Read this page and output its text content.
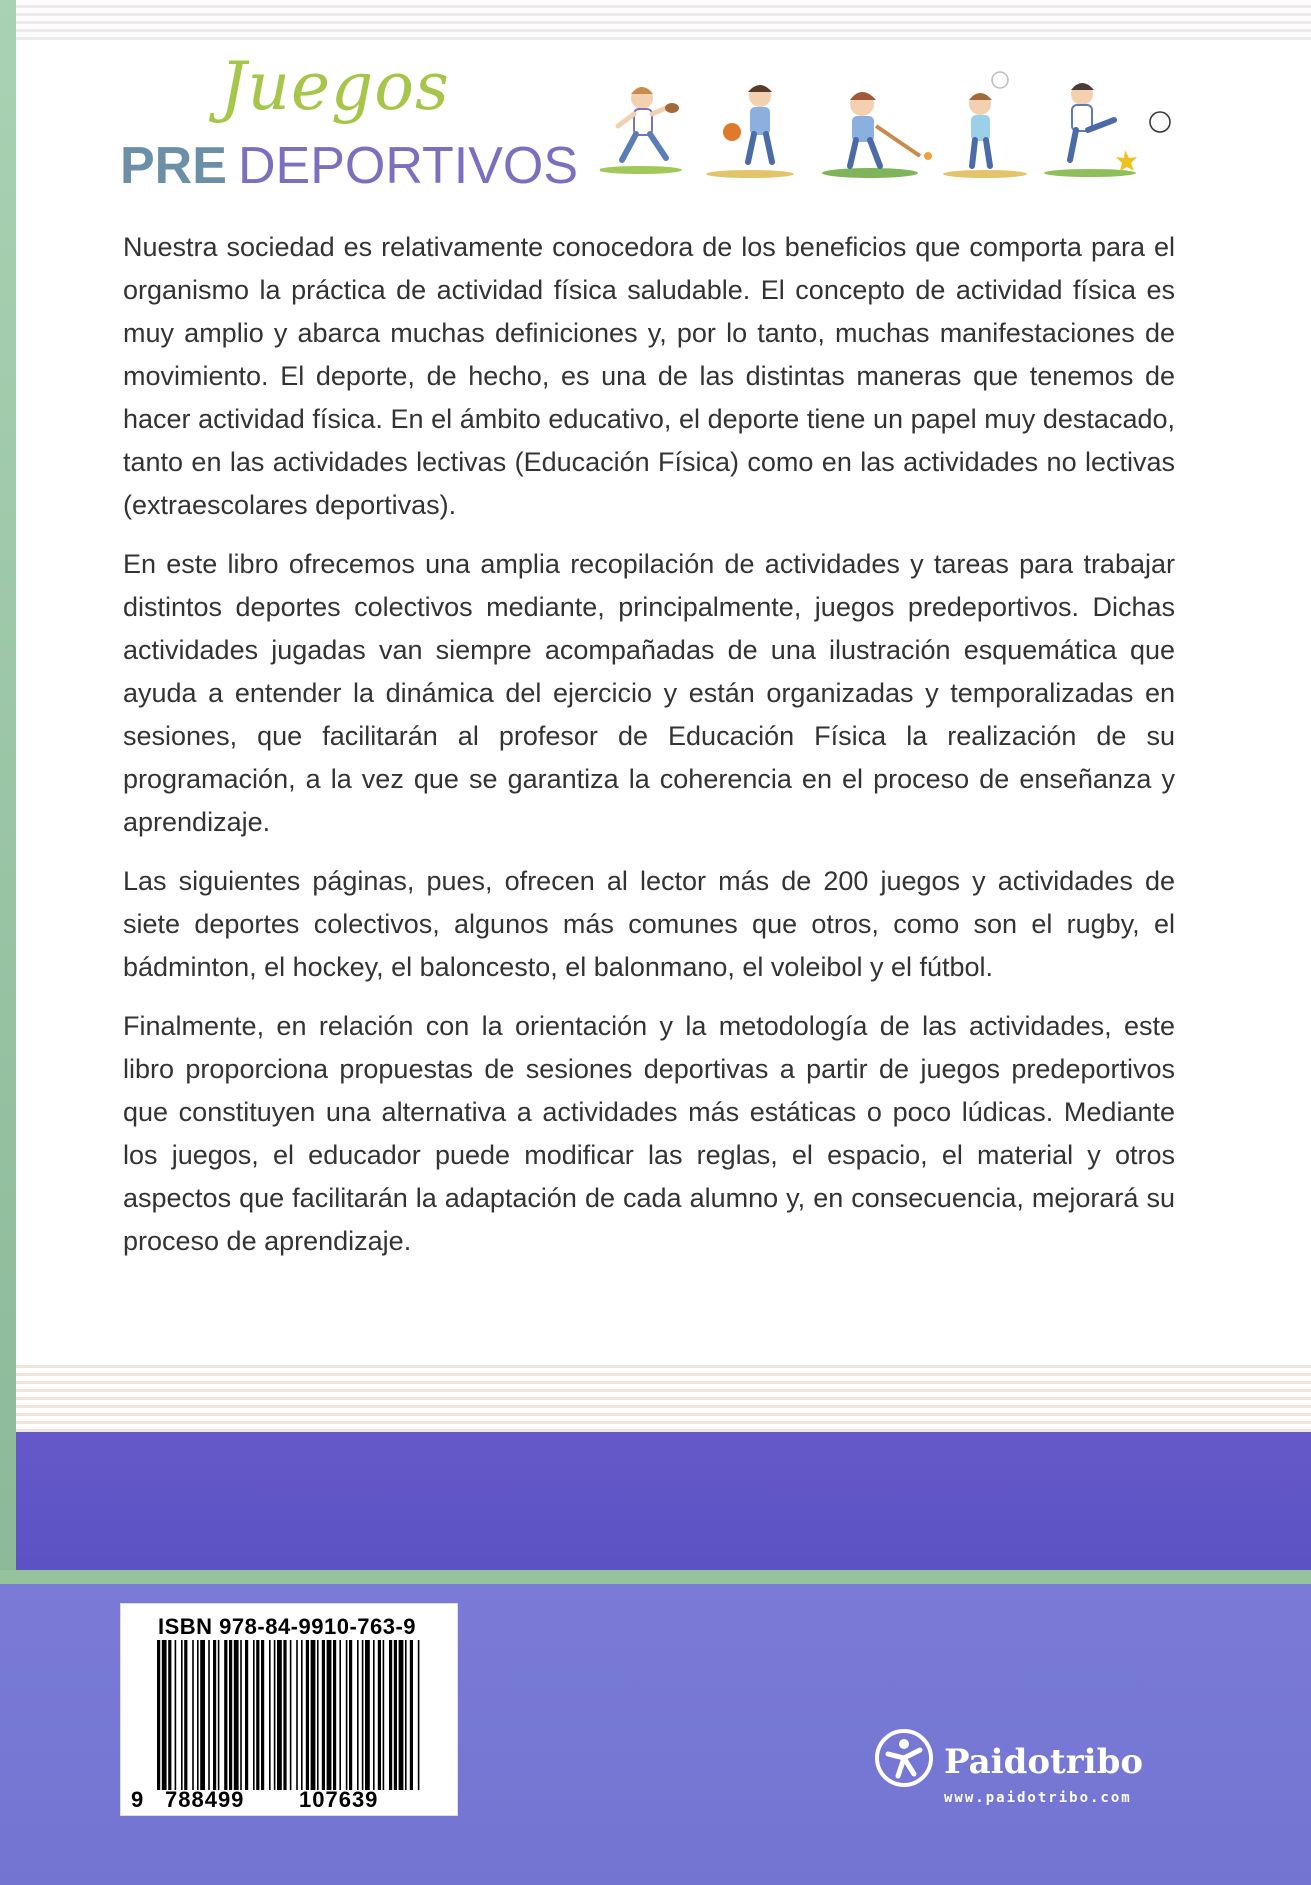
Juegos
PRE DEPORTIVOS

Nuestra sociedad es relativamente conocedora de los beneficios que comporta para el organismo la práctica de actividad física saludable. El concepto de actividad física es muy amplio y abarca muchas definiciones y, por lo tanto, muchas manifestaciones de movimiento. El deporte, de hecho, es una de las distintas maneras que tenemos de hacer actividad física. En el ámbito educativo, el deporte tiene un papel muy destacado, tanto en las actividades lectivas (Educación Física) como en las actividades no lectivas (extraescolares deportivas).

En este libro ofrecemos una amplia recopilación de actividades y tareas para trabajar distintos deportes colectivos mediante, principalmente, juegos predeportivos. Dichas actividades jugadas van siempre acompañadas de una ilustración esquemática que ayuda a entender la dinámica del ejercicio y están organizadas y temporalizadas en sesiones, que facilitarán al profesor de Educación Física la realización de su programación, a la vez que se garantiza la coherencia en el proceso de enseñanza y aprendizaje.

Las siguientes páginas, pues, ofrecen al lector más de 200 juegos y actividades de siete deportes colectivos, algunos más comunes que otros, como son el rugby, el bádminton, el hockey, el baloncesto, el balonmano, el voleibol y el fútbol.

Finalmente, en relación con la orientación y la metodología de las actividades, este libro proporciona propuestas de sesiones deportivas a partir de juegos predeportivos que constituyen una alternativa a actividades más estáticas o poco lúdicas. Mediante los juegos, el educador puede modificar las reglas, el espacio, el material y otros aspectos que facilitarán la adaptación de cada alumno y, en consecuencia, mejorará su proceso de aprendizaje.

ISBN 978-84-9910-763-9
9 788499 107639
Paidotribo
www.paidotribo.com
